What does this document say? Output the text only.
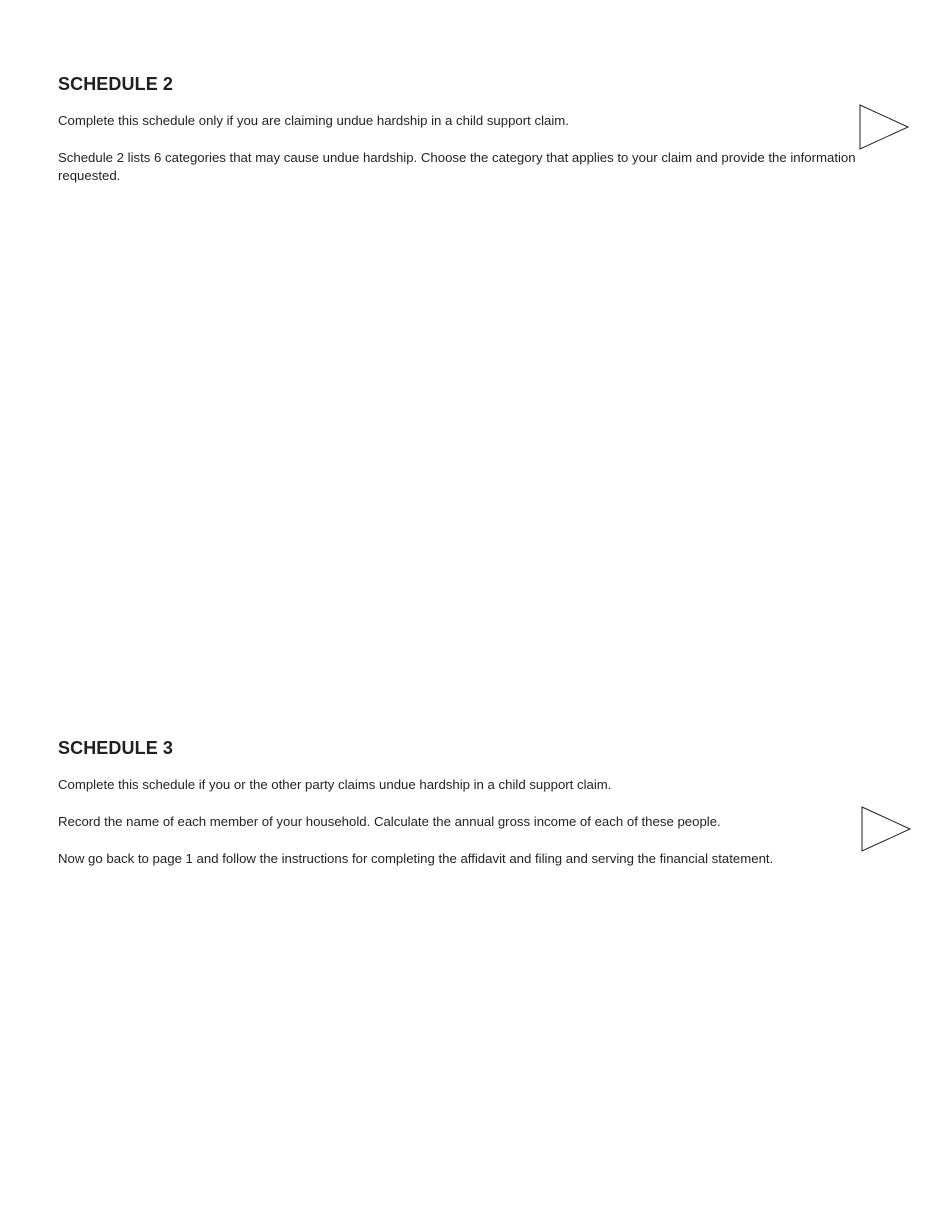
SCHEDULE 2

Complete this schedule only if you are claiming undue hardship in a child support claim.

Schedule 2 lists 6 categories that may cause undue hardship. Choose the category that applies to your claim and provide the information requested.

SCHEDULE 3

Complete this schedule if you or the other party claims undue hardship in a child support claim.

Record the name of each member of your household. Calculate the annual gross income of each of these people.

Now go back to page 1 and follow the instructions for completing the affidavit and filing and serving the financial statement.
